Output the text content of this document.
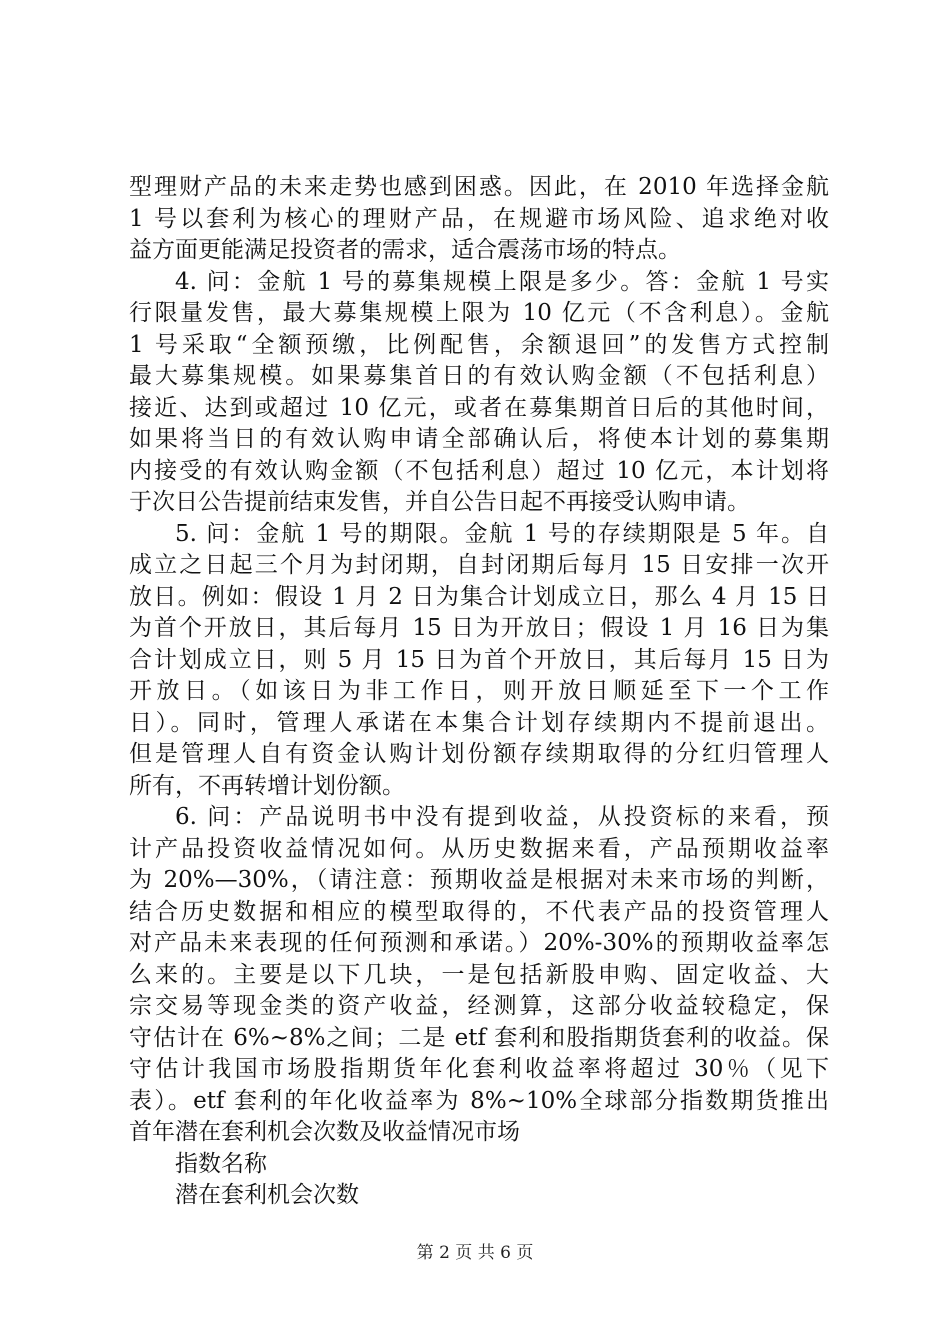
型理财产品的未来走势也感到困惑。因此，在 2010 年选择金航
1 号以套利为核心的理财产品，在规避市场风险、追求绝对收
益方面更能满足投资者的需求，适合震荡市场的特点。
4. 问：金航 1 号的募集规模上限是多少。答：金航 1 号实
行限量发售，最大募集规模上限为 10 亿元（不含利息）。金航
1 号采取“全额预缴，比例配售，余额退回”的发售方式控制
最大募集规模。如果募集首日的有效认购金额（不包括利息）
接近、达到或超过 10 亿元，或者在募集期首日后的其他时间，
如果将当日的有效认购申请全部确认后，将使本计划的募集期
内接受的有效认购金额（不包括利息）超过 10 亿元，本计划将
于次日公告提前结束发售，并自公告日起不再接受认购申请。
5. 问：金航 1 号的期限。金航 1 号的存续期限是 5 年。自
成立之日起三个月为封闭期，自封闭期后每月 15 日安排一次开
放日。例如：假设 1 月 2 日为集合计划成立日，那么 4 月 15 日
为首个开放日，其后每月 15 日为开放日；假设 1 月 16 日为集
合计划成立日，则 5 月 15 日为首个开放日，其后每月 15 日为
开放日。（如该日为非工作日，则开放日顺延至下一个工作
日）。同时，管理人承诺在本集合计划存续期内不提前退出。
但是管理人自有资金认购计划份额存续期取得的分红归管理人
所有，不再转增计划份额。
6. 问：产品说明书中没有提到收益，从投资标的来看，预
计产品投资收益情况如何。从历史数据来看，产品预期收益率
为 20%—30%，（请注意：预期收益是根据对未来市场的判断，
结合历史数据和相应的模型取得的，不代表产品的投资管理人
对产品未来表现的任何预测和承诺。）20%-30%的预期收益率怎
么来的。主要是以下几块，一是包括新股申购、固定收益、大
宗交易等现金类的资产收益，经测算，这部分收益较稳定，保
守估计在 6%~8%之间；二是 etf 套利和股指期货套利的收益。保
守估计我国市场股指期货年化套利收益率将超过 30％（见下
表）。etf 套利的年化收益率为 8%~10%全球部分指数期货推出
首年潜在套利机会次数及收益情况市场
指数名称
潜在套利机会次数
第 2 页 共 6 页
